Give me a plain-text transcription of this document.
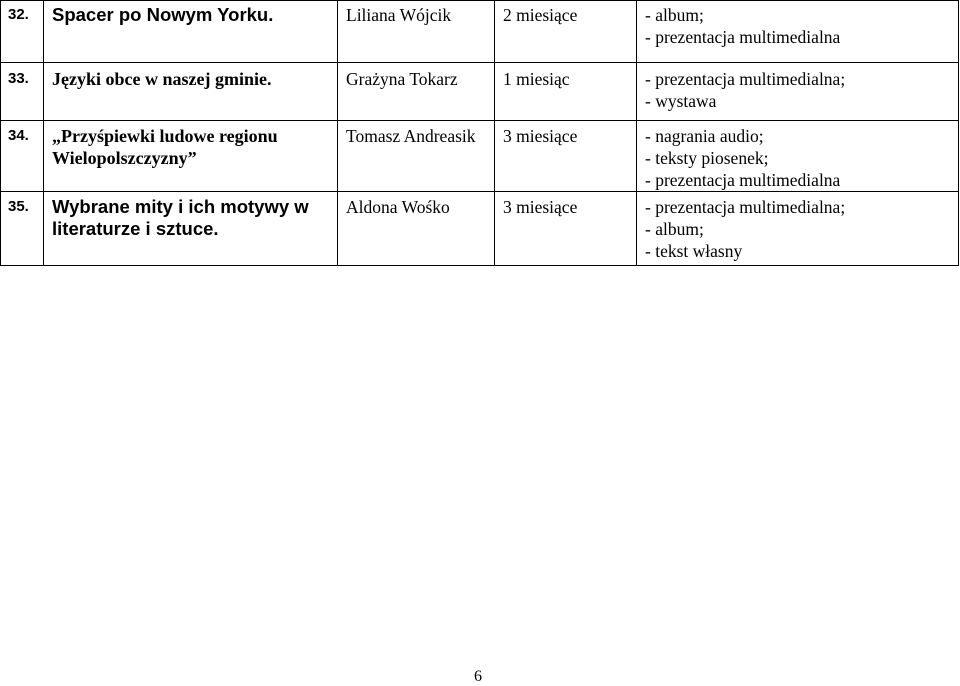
32.	Spacer po Nowym Yorku.	Liliana Wójcik	2 miesiące	- album;
- prezentacja multimedialna

33.	Języki obce w naszej gminie.	Grażyna Tokarz	1 miesiąc	- prezentacja multimedialna;
- wystawa

34.	„Przyśpiewki ludowe regionu Wielopolszczyzny”	Tomasz Andreasik	3 miesiące	- nagrania audio;
- teksty piosenek;
- prezentacja multimedialna

35.	Wybrane mity i ich motywy w literaturze i sztuce.	Aldona Wośko	3 miesiące	- prezentacja multimedialna;
- album;
- tekst własny
6
